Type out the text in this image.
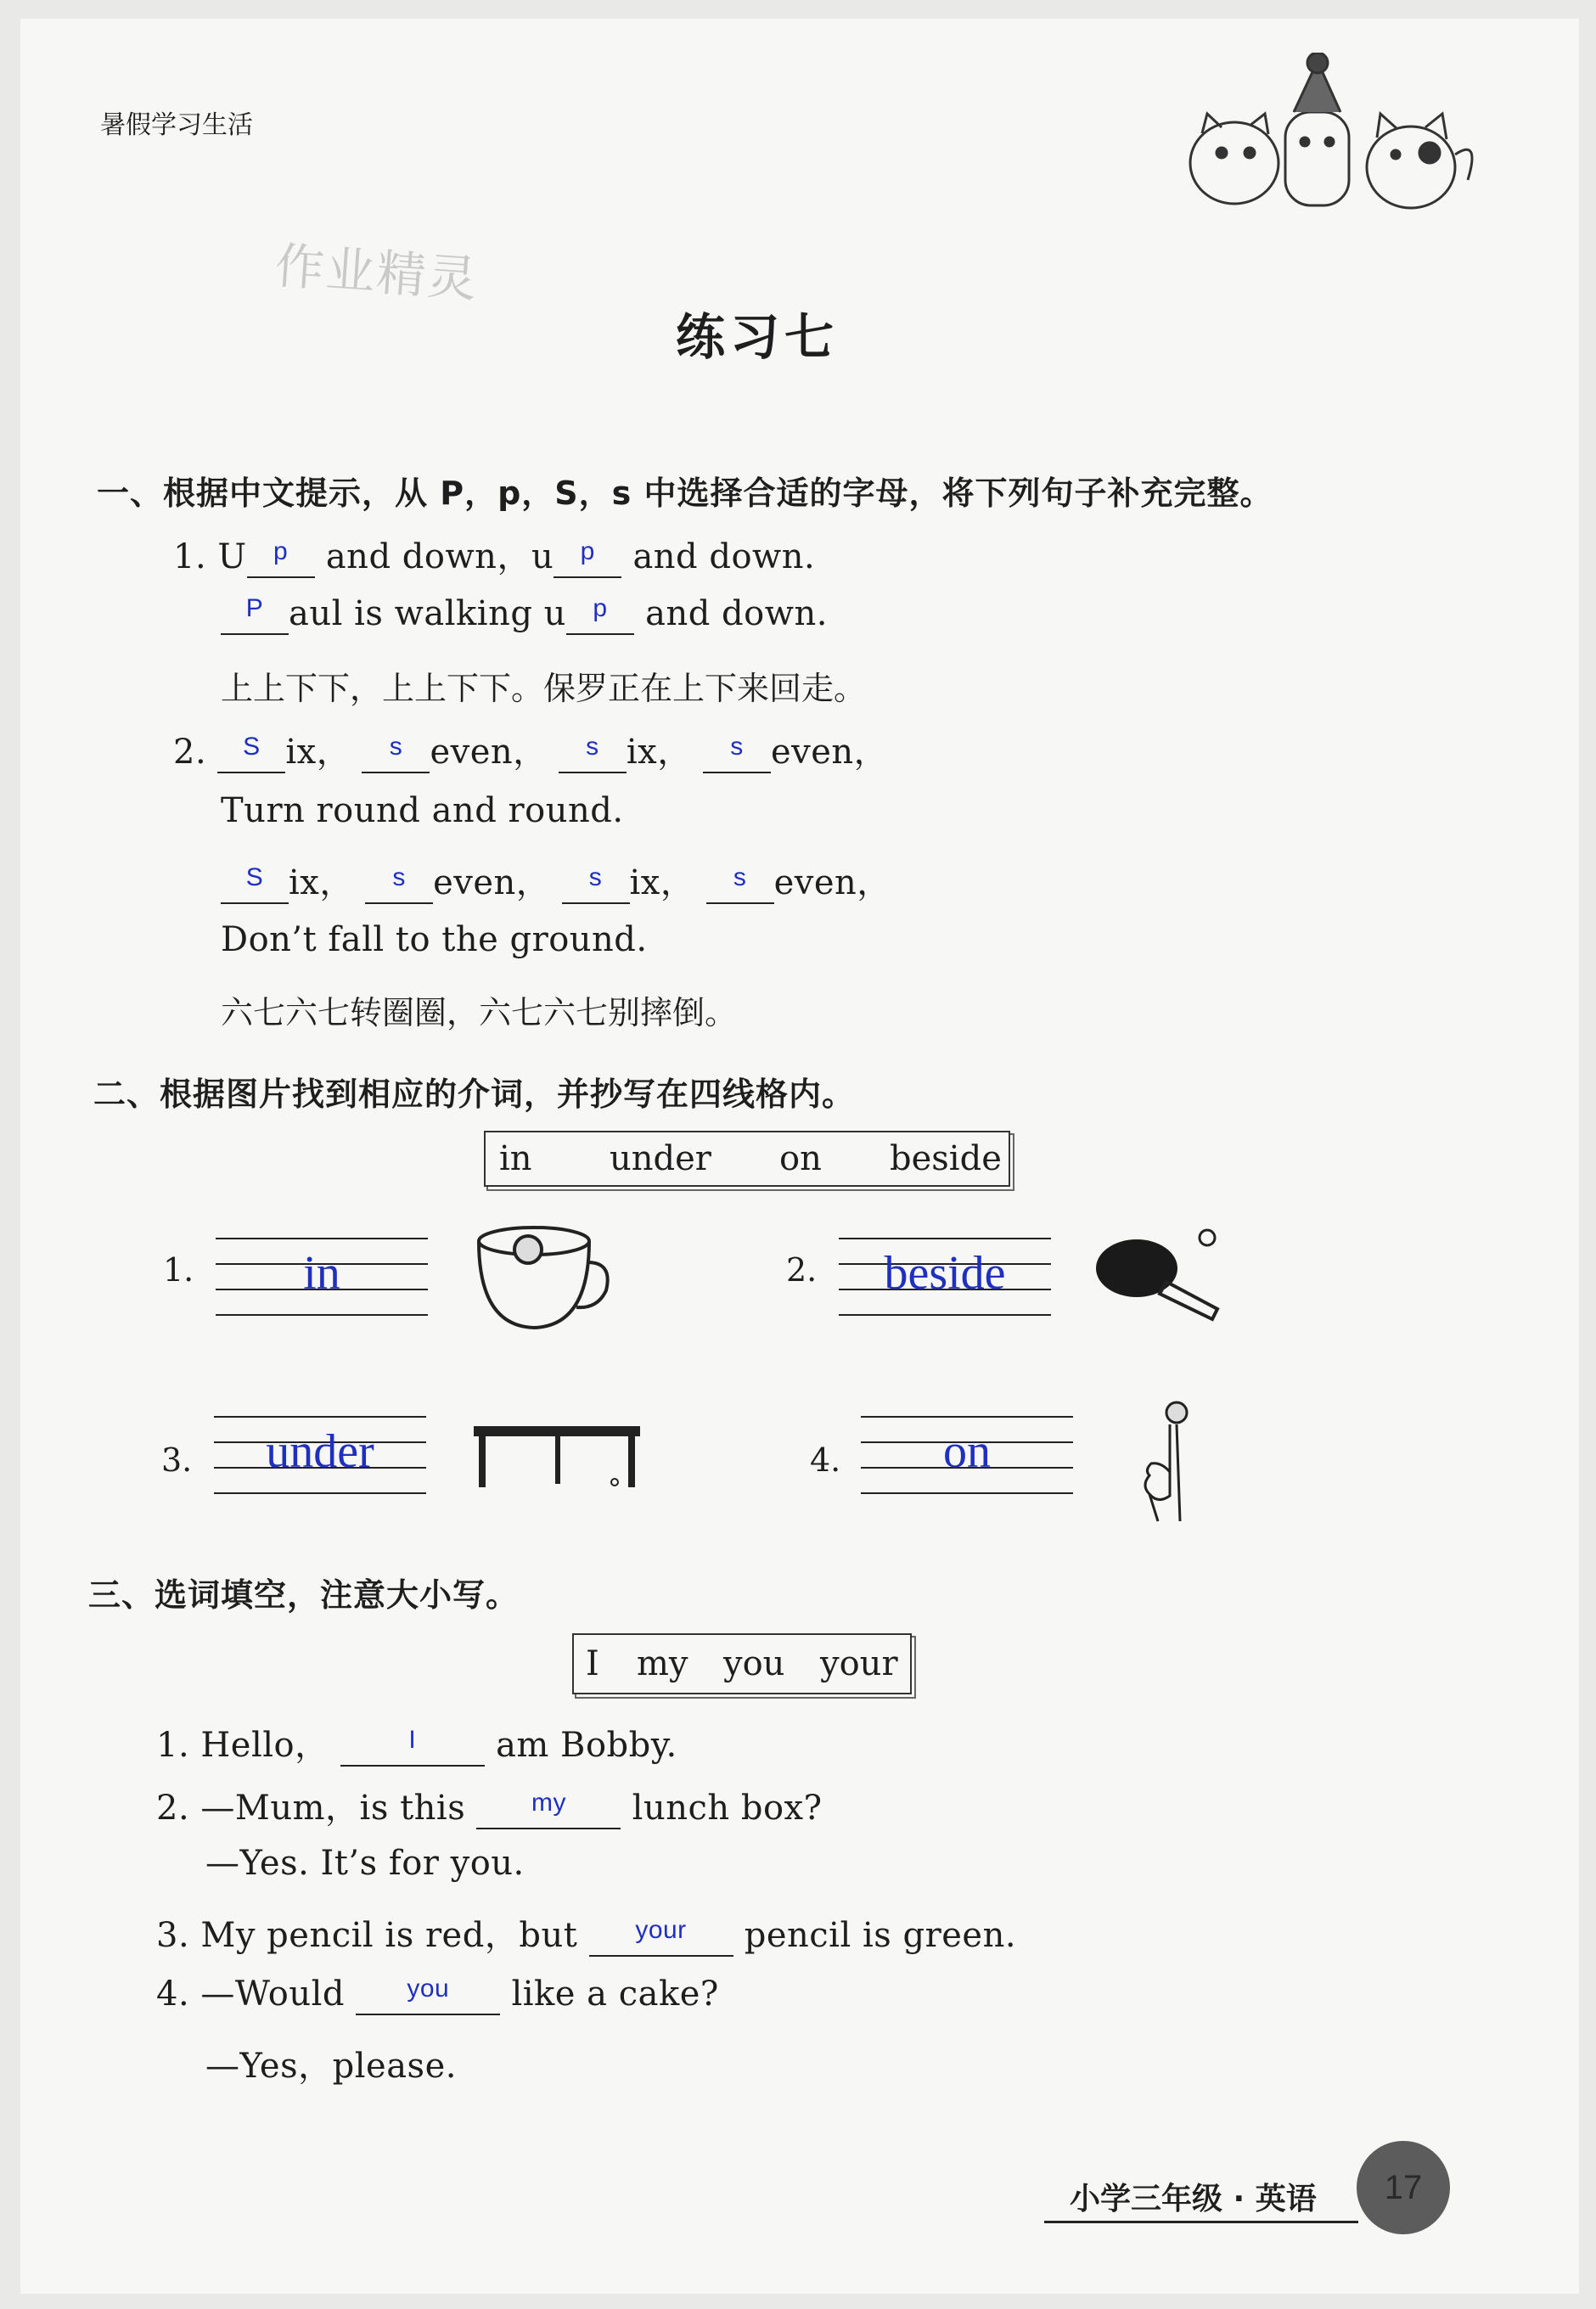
暑假学习生活
作业精灵
练习七
一、根据中文提示，从 P，p，S，s 中选择合适的字母，将下列句子补充完整。
1. U p and down，u p and down.
P aul is walking u p and down.
上上下下，上上下下。保罗正在上下来回走。
2. S ix， s even， s ix， s even，
Turn round and round.
S ix， s even， s ix， s even，
Don’t fall to the ground.
六七六七转圈圈，六七六七别摔倒。
二、根据图片找到相应的介词，并抄写在四线格内。
in under on beside
1.	in	2.	beside
3.	under	4.	on
三、选词填空，注意大小写。
I my you your
1. Hello，	I am Bobby.
2. —Mum，is this	my lunch box?
—Yes. It’s for you.
3. My pencil is red，but your pencil is green.
4. —Would you like a cake?
—Yes，please.
小学三年级 · 英语	17
